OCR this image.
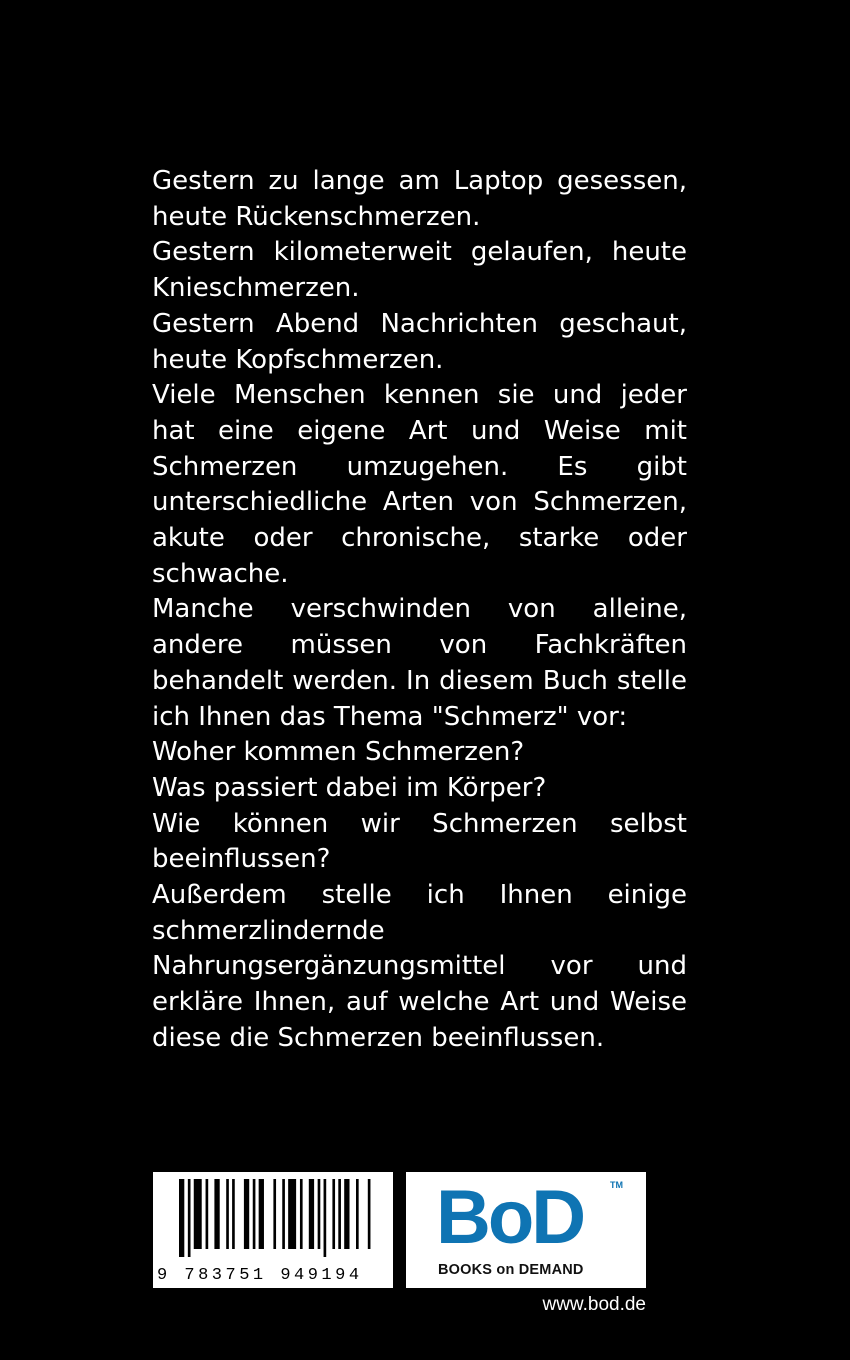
Gestern zu lange am Laptop gesessen, heute Rückenschmerzen.

Gestern kilometerweit gelaufen, heute Knieschmerzen.

Gestern Abend Nachrichten geschaut, heute Kopfschmerzen.

Viele Menschen kennen sie und jeder hat eine eigene Art und Weise mit Schmerzen umzugehen. Es gibt unterschiedliche Arten von Schmerzen, akute oder chronische, starke oder schwache.

Manche verschwinden von alleine, andere müssen von Fachkräften behandelt werden. In diesem Buch stelle ich Ihnen das Thema "Schmerz" vor:

Woher kommen Schmerzen?

Was passiert dabei im Körper?

Wie können wir Schmerzen selbst beeinflussen?

Außerdem stelle ich Ihnen einige schmerzlindernde Nahrungsergänzungsmittel vor und erkläre Ihnen, auf welche Art und Weise diese die Schmerzen beeinflussen.

9 783751 949194
BoD	TM
BOOKS on DEMAND
www.bod.de
